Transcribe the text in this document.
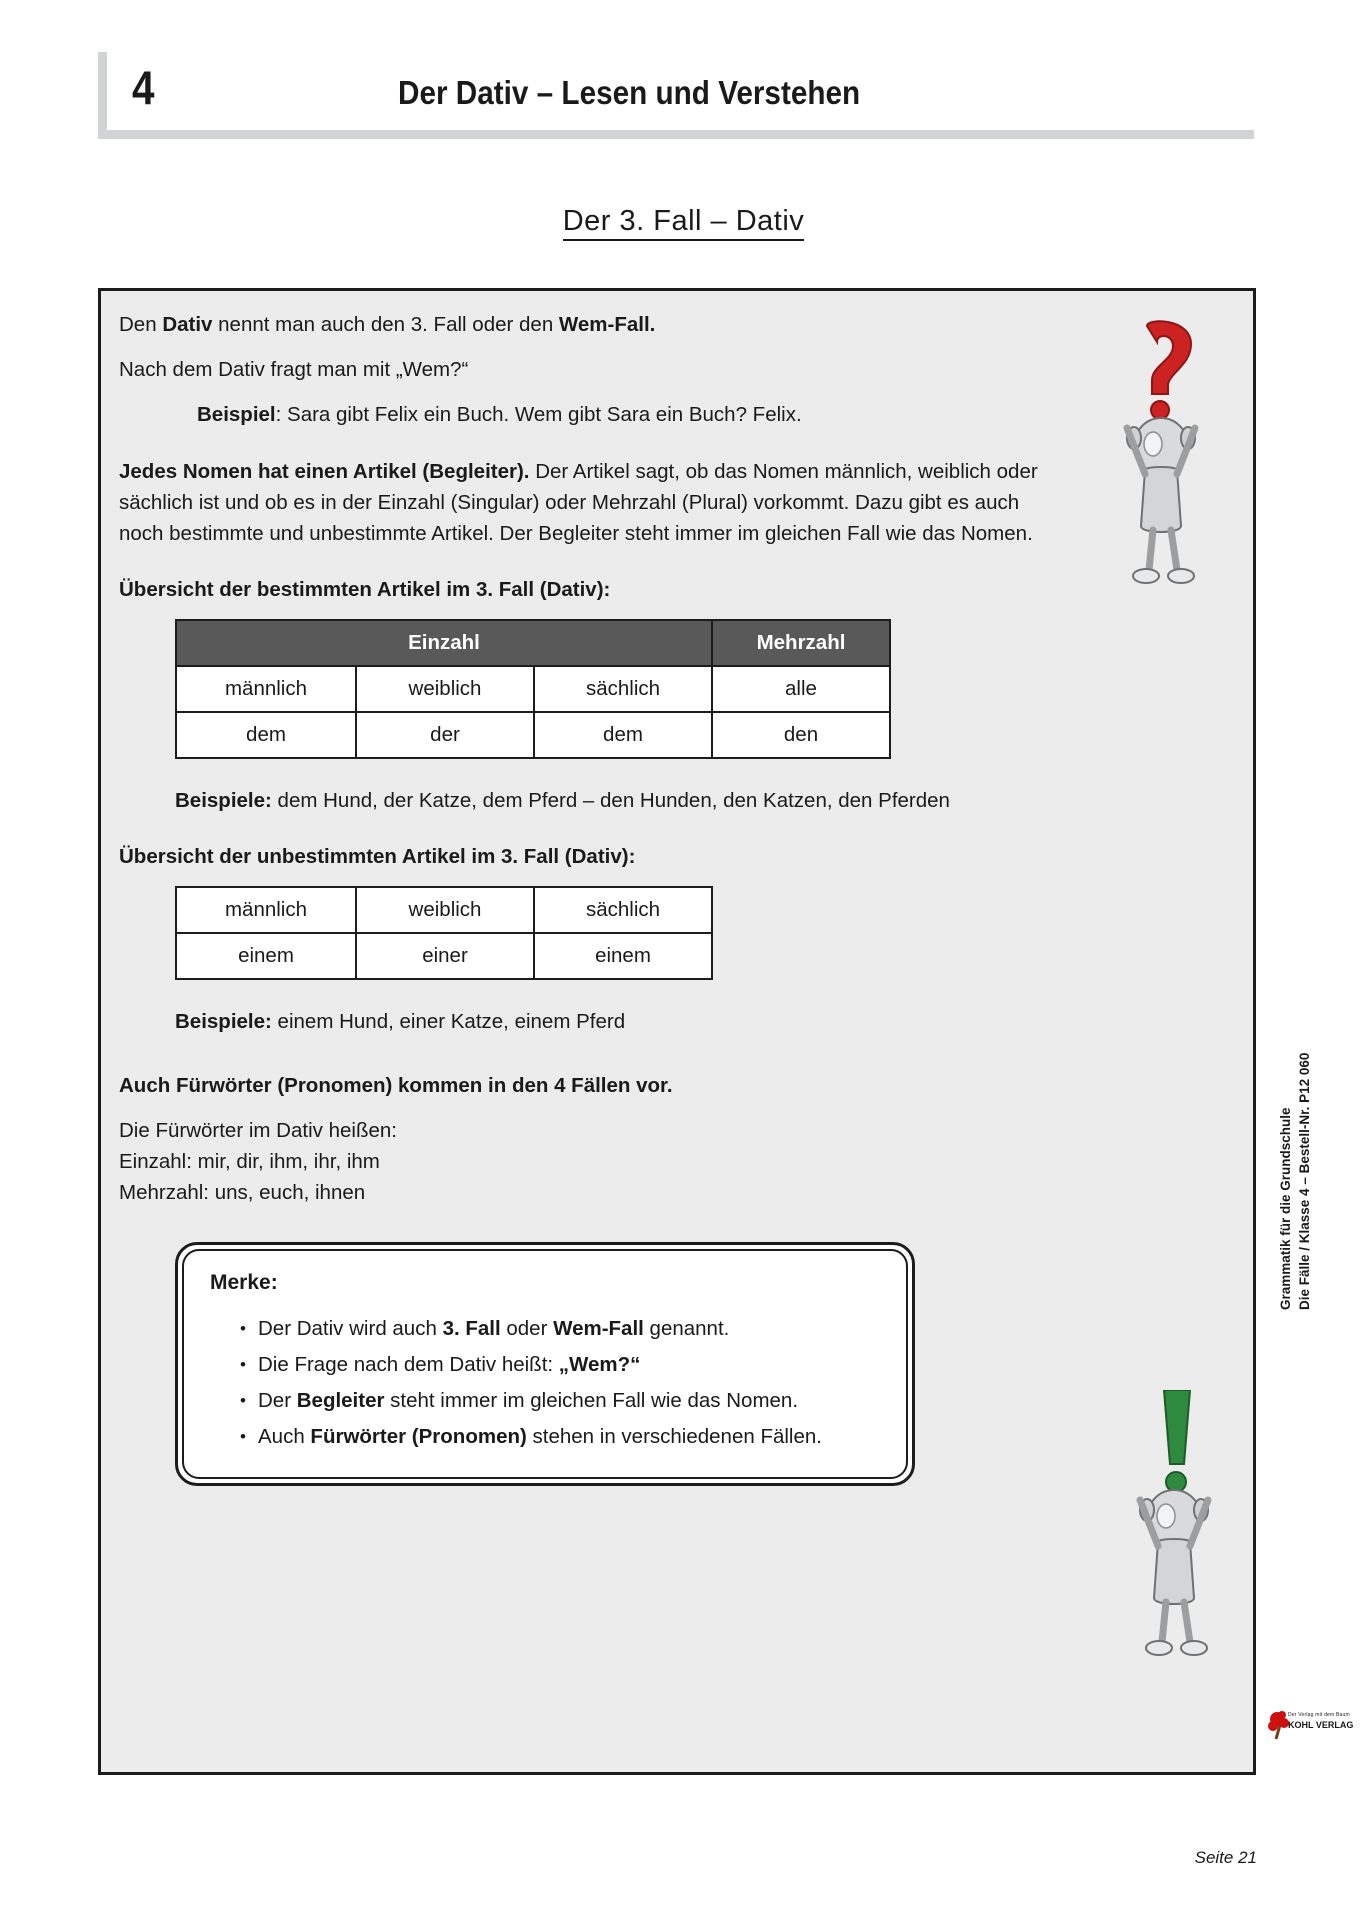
4	Der Dativ – Lesen und Verstehen
Der 3. Fall – Dativ
Den Dativ nennt man auch den 3. Fall oder den Wem-Fall.
Nach dem Dativ fragt man mit „Wem?“
Beispiel: Sara gibt Felix ein Buch. Wem gibt Sara ein Buch? Felix.
Jedes Nomen hat einen Artikel (Begleiter). Der Artikel sagt, ob das Nomen männlich, weiblich oder sächlich ist und ob es in der Einzahl (Singular) oder Mehrzahl (Plural) vorkommt. Dazu gibt es auch noch bestimmte und unbestimmte Artikel. Der Begleiter steht immer im gleichen Fall wie das Nomen.
Übersicht der bestimmten Artikel im 3. Fall (Dativ):
Einzahl			Mehrzahl
männlich	weiblich	sächlich	alle
dem	der	dem	den
Beispiele: dem Hund, der Katze, dem Pferd – den Hunden, den Katzen, den Pferden
Übersicht der unbestimmten Artikel im 3. Fall (Dativ):
männlich	weiblich	sächlich
einem	einer	einem
Beispiele: einem Hund, einer Katze, einem Pferd
Auch Fürwörter (Pronomen) kommen in den 4 Fällen vor.
Die Fürwörter im Dativ heißen:
Einzahl: mir, dir, ihm, ihr, ihm
Mehrzahl: uns, euch, ihnen
Merke:
• Der Dativ wird auch 3. Fall oder Wem-Fall genannt.
• Die Frage nach dem Dativ heißt: „Wem?“
• Der Begleiter steht immer im gleichen Fall wie das Nomen.
• Auch Fürwörter (Pronomen) stehen in verschiedenen Fällen.
Grammatik für die Grundschule Die Fälle / Klasse 4 – Bestell-Nr. P12 060
Der Verlag mit dem Baum
KOHL VERLAG
Seite 21
